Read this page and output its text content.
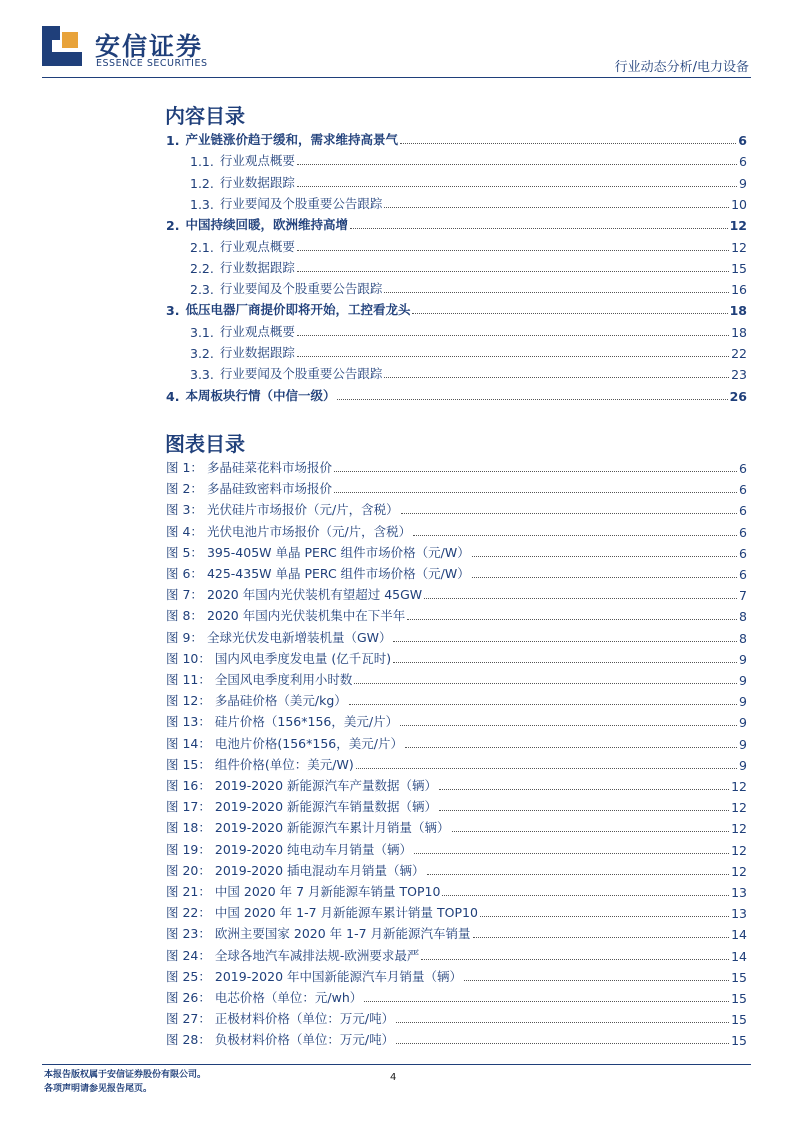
安信证券
ESSENCE SECURITIES	行业动态分析/电力设备
内容目录
1. 产业链涨价趋于缓和，需求维持高景气	6
1.1. 行业观点概要	6
1.2. 行业数据跟踪	9
1.3. 行业要闻及个股重要公告跟踪	10
2. 中国持续回暖，欧洲维持高增	12
2.1. 行业观点概要	12
2.2. 行业数据跟踪	15
2.3. 行业要闻及个股重要公告跟踪	16
3. 低压电器厂商提价即将开始，工控看龙头	18
3.1. 行业观点概要	18
3.2. 行业数据跟踪	22
3.3. 行业要闻及个股重要公告跟踪	23
4. 本周板块行情（中信一级）	26
图表目录
图 1： 多晶硅菜花料市场报价	6
图 2： 多晶硅致密料市场报价	6
图 3： 光伏硅片市场报价（元/片，含税）	6
图 4： 光伏电池片市场报价（元/片，含税）	6
图 5： 395-405W 单晶 PERC 组件市场价格（元/W）	6
图 6： 425-435W 单晶 PERC 组件市场价格（元/W）	6
图 7： 2020 年国内光伏装机有望超过 45GW	7
图 8： 2020 年国内光伏装机集中在下半年	8
图 9： 全球光伏发电新增装机量（GW）	8
图 10： 国内风电季度发电量 (亿千瓦时)	9
图 11： 全国风电季度利用小时数	9
图 12： 多晶硅价格（美元/kg）	9
图 13： 硅片价格（156*156，美元/片）	9
图 14： 电池片价格(156*156，美元/片）	9
图 15： 组件价格(单位：美元/W)	9
图 16： 2019-2020 新能源汽车产量数据（辆）	12
图 17： 2019-2020 新能源汽车销量数据（辆）	12
图 18： 2019-2020 新能源汽车累计月销量（辆）	12
图 19： 2019-2020 纯电动车月销量（辆）	12
图 20： 2019-2020 插电混动车月销量（辆）	12
图 21： 中国 2020 年 7 月新能源车销量 TOP10	13
图 22： 中国 2020 年 1-7 月新能源车累计销量 TOP10	13
图 23： 欧洲主要国家 2020 年 1-7 月新能源汽车销量	14
图 24： 全球各地汽车减排法规-欧洲要求最严	14
图 25： 2019-2020 年中国新能源汽车月销量（辆）	15
图 26： 电芯价格（单位：元/wh）	15
图 27： 正极材料价格（单位：万元/吨）	15
图 28： 负极材料价格（单位：万元/吨）	15
本报告版权属于安信证券股份有限公司。
各项声明请参见报告尾页。
4
